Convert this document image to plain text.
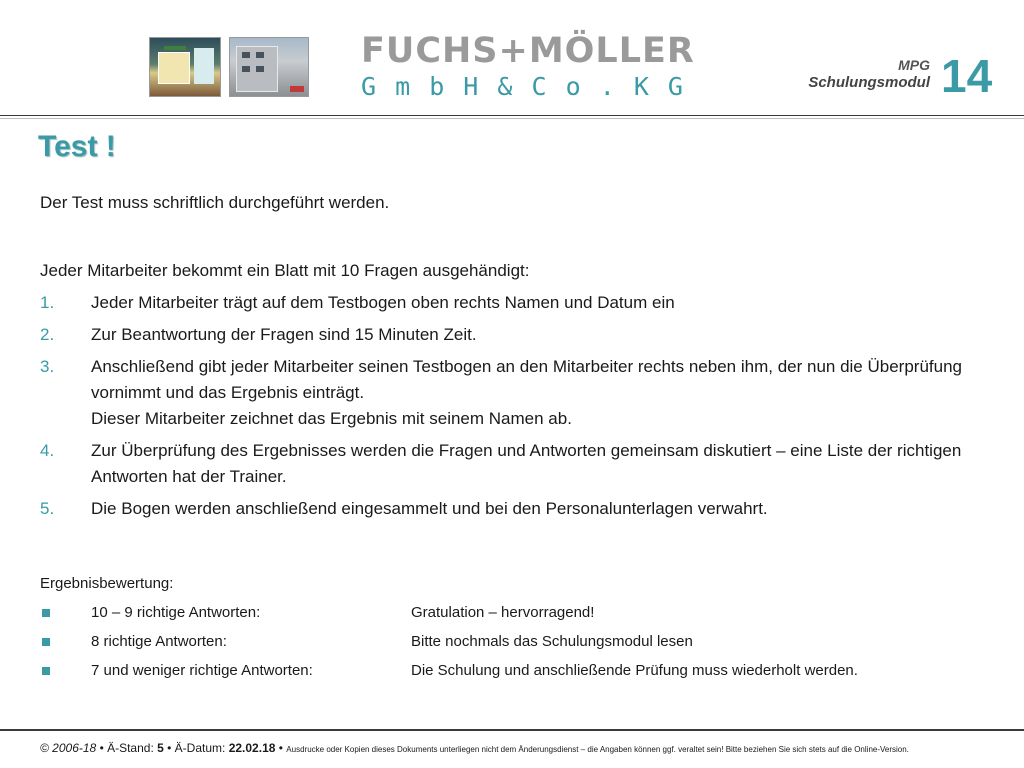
FUCHS+MÖLLER
G m b H & C o . K G
MPG
Schulungsmodul 14
Test !
Der Test muss schriftlich durchgeführt werden.
Jeder Mitarbeiter bekommt ein Blatt mit 10 Fragen ausgehändigt:
1. Jeder Mitarbeiter trägt auf dem Testbogen oben rechts Namen und Datum ein
2. Zur Beantwortung der Fragen sind 15 Minuten Zeit.
3. Anschließend gibt jeder Mitarbeiter seinen Testbogen an den Mitarbeiter rechts neben ihm, der nun die Überprüfung vornimmt und das Ergebnis einträgt.
Dieser Mitarbeiter zeichnet das Ergebnis mit seinem Namen ab.
4. Zur Überprüfung des Ergebnisses werden die Fragen und Antworten gemeinsam diskutiert – eine Liste der richtigen Antworten hat der Trainer.
5. Die Bogen werden anschließend eingesammelt und bei den Personalunterlagen verwahrt.
Ergebnisbewertung:
10 – 9 richtige Antworten:	Gratulation – hervorragend!
8 richtige Antworten:	Bitte nochmals das Schulungsmodul lesen
7 und weniger richtige Antworten:	Die Schulung und anschließende Prüfung muss wiederholt werden.
© 2006-18 • Ä-Stand: 5 • Ä-Datum: 22.02.18 • Ausdrucke oder Kopien dieses Dokuments unterliegen nicht dem Änderungsdienst – die Angaben können ggf. veraltet sein! Bitte beziehen Sie sich stets auf die Online-Version.
